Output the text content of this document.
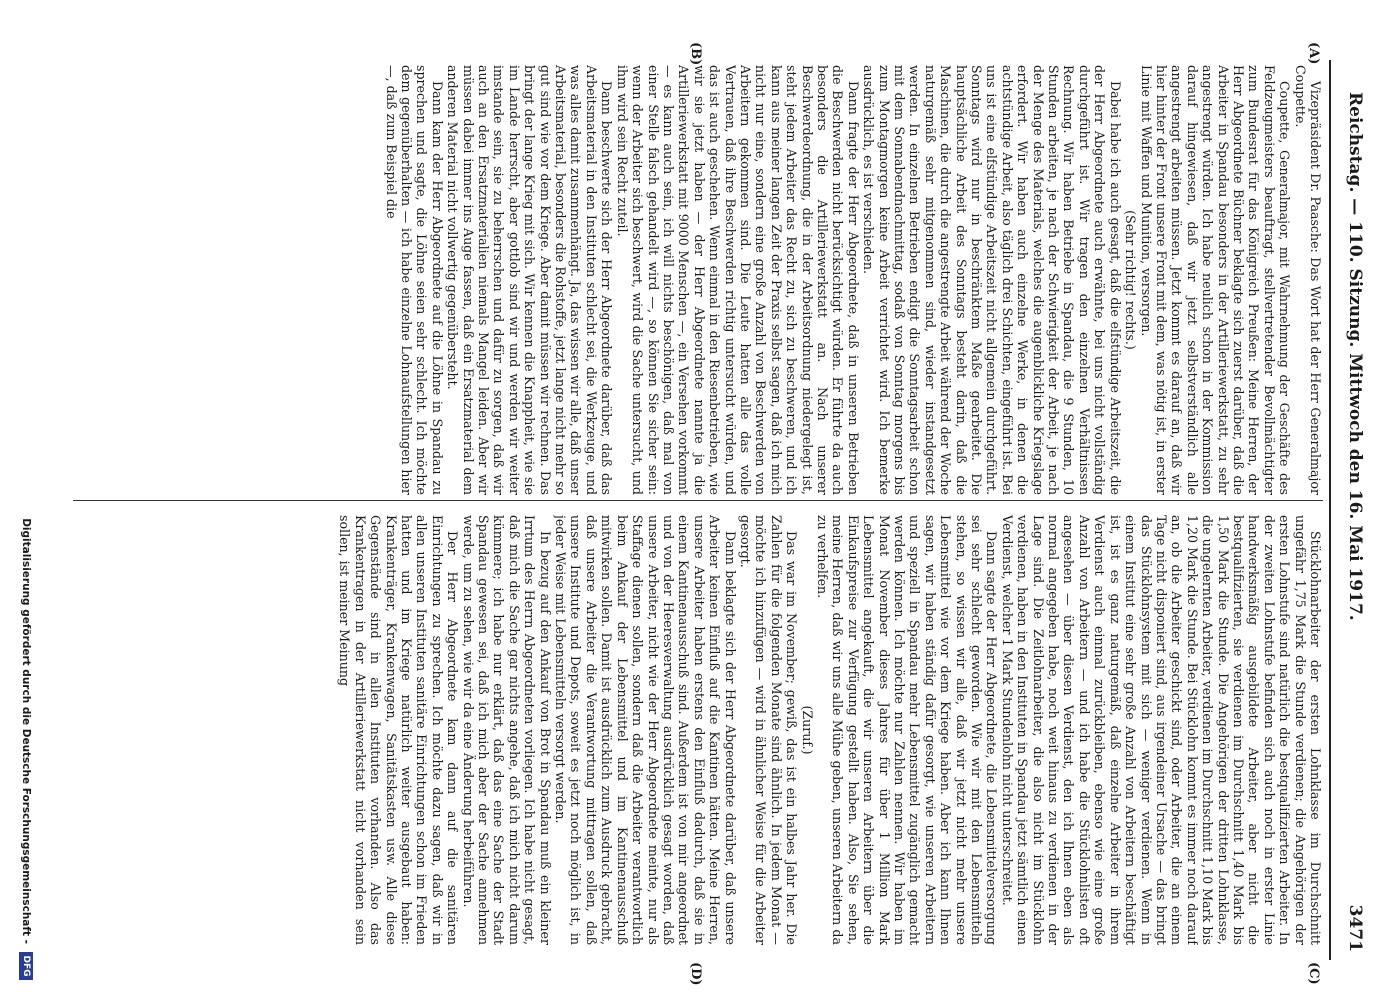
Reichstag. — 110. Sitzung. Mittwoch den 16. Mai 1917.
3471
(A)
(B)
(C)
(D)

Vizepräsident Dr. Paasche: Das Wort hat der Herr Generalmajor Coupette.

Coupette, Generalmajor, mit Wahrnehmung der Geschäfte des Feldzeugmeisters beauftragt, stellvertretender Bevollmächtigter zum Bundesrat für das Königreich Preußen: Meine Herren, der Herr Abgeordnete Büchner beklagte sich zuerst darüber, daß die Arbeiter in Spandau besonders in der Artilleriewerkstatt, zu sehr angestrengt würden. Ich habe neulich schon in der Kommission darauf hingewiesen, daß wir jetzt selbstverständlich alle angestrengt arbeiten müssen. Jetzt kommt es darauf an, daß wir hier hinter der Front unsere Front mit dem, was nötig ist, in erster Linie mit Waffen und Munition, versorgen.

(Sehr richtig! rechts.)

Dabei habe ich auch gesagt, daß die elfstündige Arbeitszeit, die der Herr Abgeordnete auch erwähnte, bei uns nicht vollständig durchgeführt ist. Wir tragen den einzelnen Verhältnissen Rechnung. Wir haben Betriebe in Spandau, die 9 Stunden, 10 Stunden arbeiten, je nach der Schwierigkeit der Arbeit, je nach der Menge des Materials, welches die augenblickliche Kriegslage erfordert. Wir haben auch einzelne Werke, in denen die achtstündige Arbeit, also täglich drei Schichten, eingeführt ist. Bei uns ist eine elfstündige Arbeitszeit nicht allgemein durchgeführt. Sonntags wird nur in beschränktem Maße gearbeitet. Die hauptsächliche Arbeit des Sonntags besteht darin, daß die Maschinen, die durch die angestrengte Arbeit während der Woche naturgemäß sehr mitgenommen sind, wieder instandgesetzt werden. In einzelnen Betrieben endigt die Sonntagsarbeit schon mit dem Sonnabendnachmittag, sodaß von Sonntag morgens bis zum Montagmorgen keine Arbeit verrichtet wird. Ich bemerke ausdrücklich, es ist verschieden.

Dann fragte der Herr Abgeordnete, daß in unseren Betrieben die Beschwerden nicht berücksichtigt würden. Er führte da auch besonders die Artilleriewerkstatt an. Nach unserer Beschwerdeordnung, die in der Arbeitsordnung niedergelegt ist, steht jedem Arbeiter das Recht zu, sich zu beschweren, und ich kann aus meiner langen Zeit der Praxis selbst sagen, daß ich mich nicht nur eine, sondern eine große Anzahl von Beschwerden von Arbeitern gekommen sind. Die Leute hatten alle das volle Vertrauen, daß ihre Beschwerden richtig untersucht würden, und das ist auch geschehen. Wenn einmal in den Riesenbetrieben, wie wir sie jetzt haben — der Herr Abgeordnete nannte ja die Artilleriewerkstatt mit 9000 Menschen —, ein Versehen vorkommt — es kann auch sein, ich will nichts beschönigen, daß mal von einer Stelle falsch gehandelt wird —, so können Sie sicher sein: wenn der Arbeiter sich beschwert, wird die Sache untersucht, und ihm wird sein Recht zuteil.

Dann beschwerte sich der Herr Abgeordnete darüber, daß das Arbeitsmaterial in den Instituten schlecht sei, die Werkzeuge, und was alles damit zusammenhängt. Ja, das wissen wir alle, daß unser Arbeitsmaterial, besonders die Rohstoffe, jetzt lange nicht mehr so gut sind wie vor dem Kriege. Aber damit müssen wir rechnen. Das bringt der lange Krieg mit sich. Wir kennen die Knappheit, wie sie im Lande herrscht, aber gottlob sind wir und werden wir weiter imstande sein, sie zu beherrschen und dafür zu sorgen, daß wir auch an den Ersatzmaterialien niemals Mangel leiden. Aber wir müssen dabei immer ins Auge fassen, daß ein Ersatzmaterial dem anderen Material nicht vollwertig gegenübersteht.

Dann kam der Herr Abgeordnete auf die Löhne in Spandau zu sprechen und sagte, die Löhne seien sehr schlecht. Ich möchte dem gegenüberhalten — ich habe einzelne Lohnaufstellungen hier —, daß zum Beispiel die

Stücklohnarbeiter der ersten Lohnklasse im Durchschnitt ungefähr 1,75 Mark die Stunde verdienen; die Angehörigen der ersten Lohnstufe sind natürlich die bestqualifizierten Arbeiter. In der zweiten Lohnstufe befinden sich auch noch in erster Linie handwerksmäßig ausgebildete Arbeiter, aber nicht die bestqualifizierten, sie verdienen im Durchschnitt 1,40 Mark bis 1,50 Mark die Stunde. Die Angehörigen der dritten Lohnklasse, die ungelernten Arbeiter, verdienen im Durchschnitt 1,10 Mark bis 1,20 Mark die Stunde. Bei Stücklohn kommt es immer noch darauf an, ob die Arbeiter geschickt sind, oder Arbeiter, die an einem Tage nicht disponiert sind, aus irgendeiner Ursache — das bringt das Stücklohnsystem mit sich — weniger verdienen. Wenn in einem Institut eine sehr große Anzahl von Arbeitern beschäftigt ist, ist es ganz naturgemäß, daß einzelne Arbeiter in ihrem Verdienst auch einmal zurückbleiben, ebenso wie eine große Anzahl von Arbeitern — und ich habe die Stücklohnlisten oft angesehen — über diesen Verdienst, den ich Ihnen eben als normal angegeben habe, noch weit hinaus zu verdienen in der Lage sind. Die Zeitlohnarbeiter, die also nicht im Stücklohn verdienen, haben in den Instituten in Spandau jetzt sämtlich einen Verdienst, welcher 1 Mark Stundenlohn nicht unterschreitet.

Dann sagte der Herr Abgeordnete, die Lebensmittelversorgung sei sehr schlecht geworden. Wie wir mit den Lebensmitteln stehen, so wissen wir alle, daß wir jetzt nicht mehr unsere Lebensmittel wie vor dem Kriege haben. Aber ich kann Ihnen sagen, wir haben ständig dafür gesorgt, wie unseren Arbeitern und speziell in Spandau mehr Lebensmittel zugänglich gemacht werden können. Ich möchte nur Zahlen nennen. Wir haben im Monat November dieses Jahres für über 1 Million Mark Lebensmittel angekauft, die wir unseren Arbeitern über die Einkaufspreise zur Verfügung gestellt haben. Also, Sie sehen, meine Herren, daß wir uns alle Mühe geben, unseren Arbeitern da zu verhelfen.

(Zuruf.)

Das war im November; gewiß, das ist ein halbes Jahr her. Die Zahlen für die folgenden Monate sind ähnlich. In jedem Monat — möchte ich hinzufügen — wird in ähnlicher Weise für die Arbeiter gesorgt.

Dann beklagte sich der Herr Abgeordnete darüber, daß unsere Arbeiter keinen Einfluß auf die Kantinen hätten. Meine Herren, unsere Arbeiter haben erstens den Einfluß dadurch, daß sie in einem Kantinenausschuß sind. Außerdem ist von mir angeordnet und von der Heeresverwaltung ausdrücklich gesagt worden, daß unsere Arbeiter, nicht wie der Herr Abgeordnete meinte, nur als Staffage dienen sollen, sondern daß die Arbeiter verantwortlich beim Ankauf der Lebensmittel und im Kantinenausschuß mitwirken sollen. Damit ist ausdrücklich zum Ausdruck gebracht, daß unsere Arbeiter die Verantwortung mittragen sollen, daß unsere Institute und Depots, soweit es jetzt noch möglich ist, in jeder Weise mit Lebensmitteln versorgt werden.

In bezug auf den Ankauf von Brot in Spandau muß ein kleiner Irrtum des Herrn Abgeordneten vorliegen. Ich habe nicht gesagt, daß mich die Sache gar nichts angehe, daß ich mich nicht darum kümmere; ich habe nur erklärt, daß das eine Sache der Stadt Spandau gewesen sei, daß ich mich aber der Sache annehmen werde, um zu sehen, wie wir da eine Änderung herbeiführen.

Der Herr Abgeordnete kam dann auf die sanitären Einrichtungen zu sprechen. Ich möchte dazu sagen, daß wir in allen unseren Instituten sanitäre Einrichtungen schon im Frieden hatten und im Kriege natürlich weiter ausgebaut haben: Krankenträger, Krankenwagen, Sanitätskasten usw. Alle diese Gegenstände sind in allen Instituten vorhanden. Also das Krankentragen in der Artilleriewerkstatt nicht vorhanden sein sollen, ist meiner Meinung

Digitalisierung gefördert durch die Deutsche Forschungsgemeinschaft -
DFG
